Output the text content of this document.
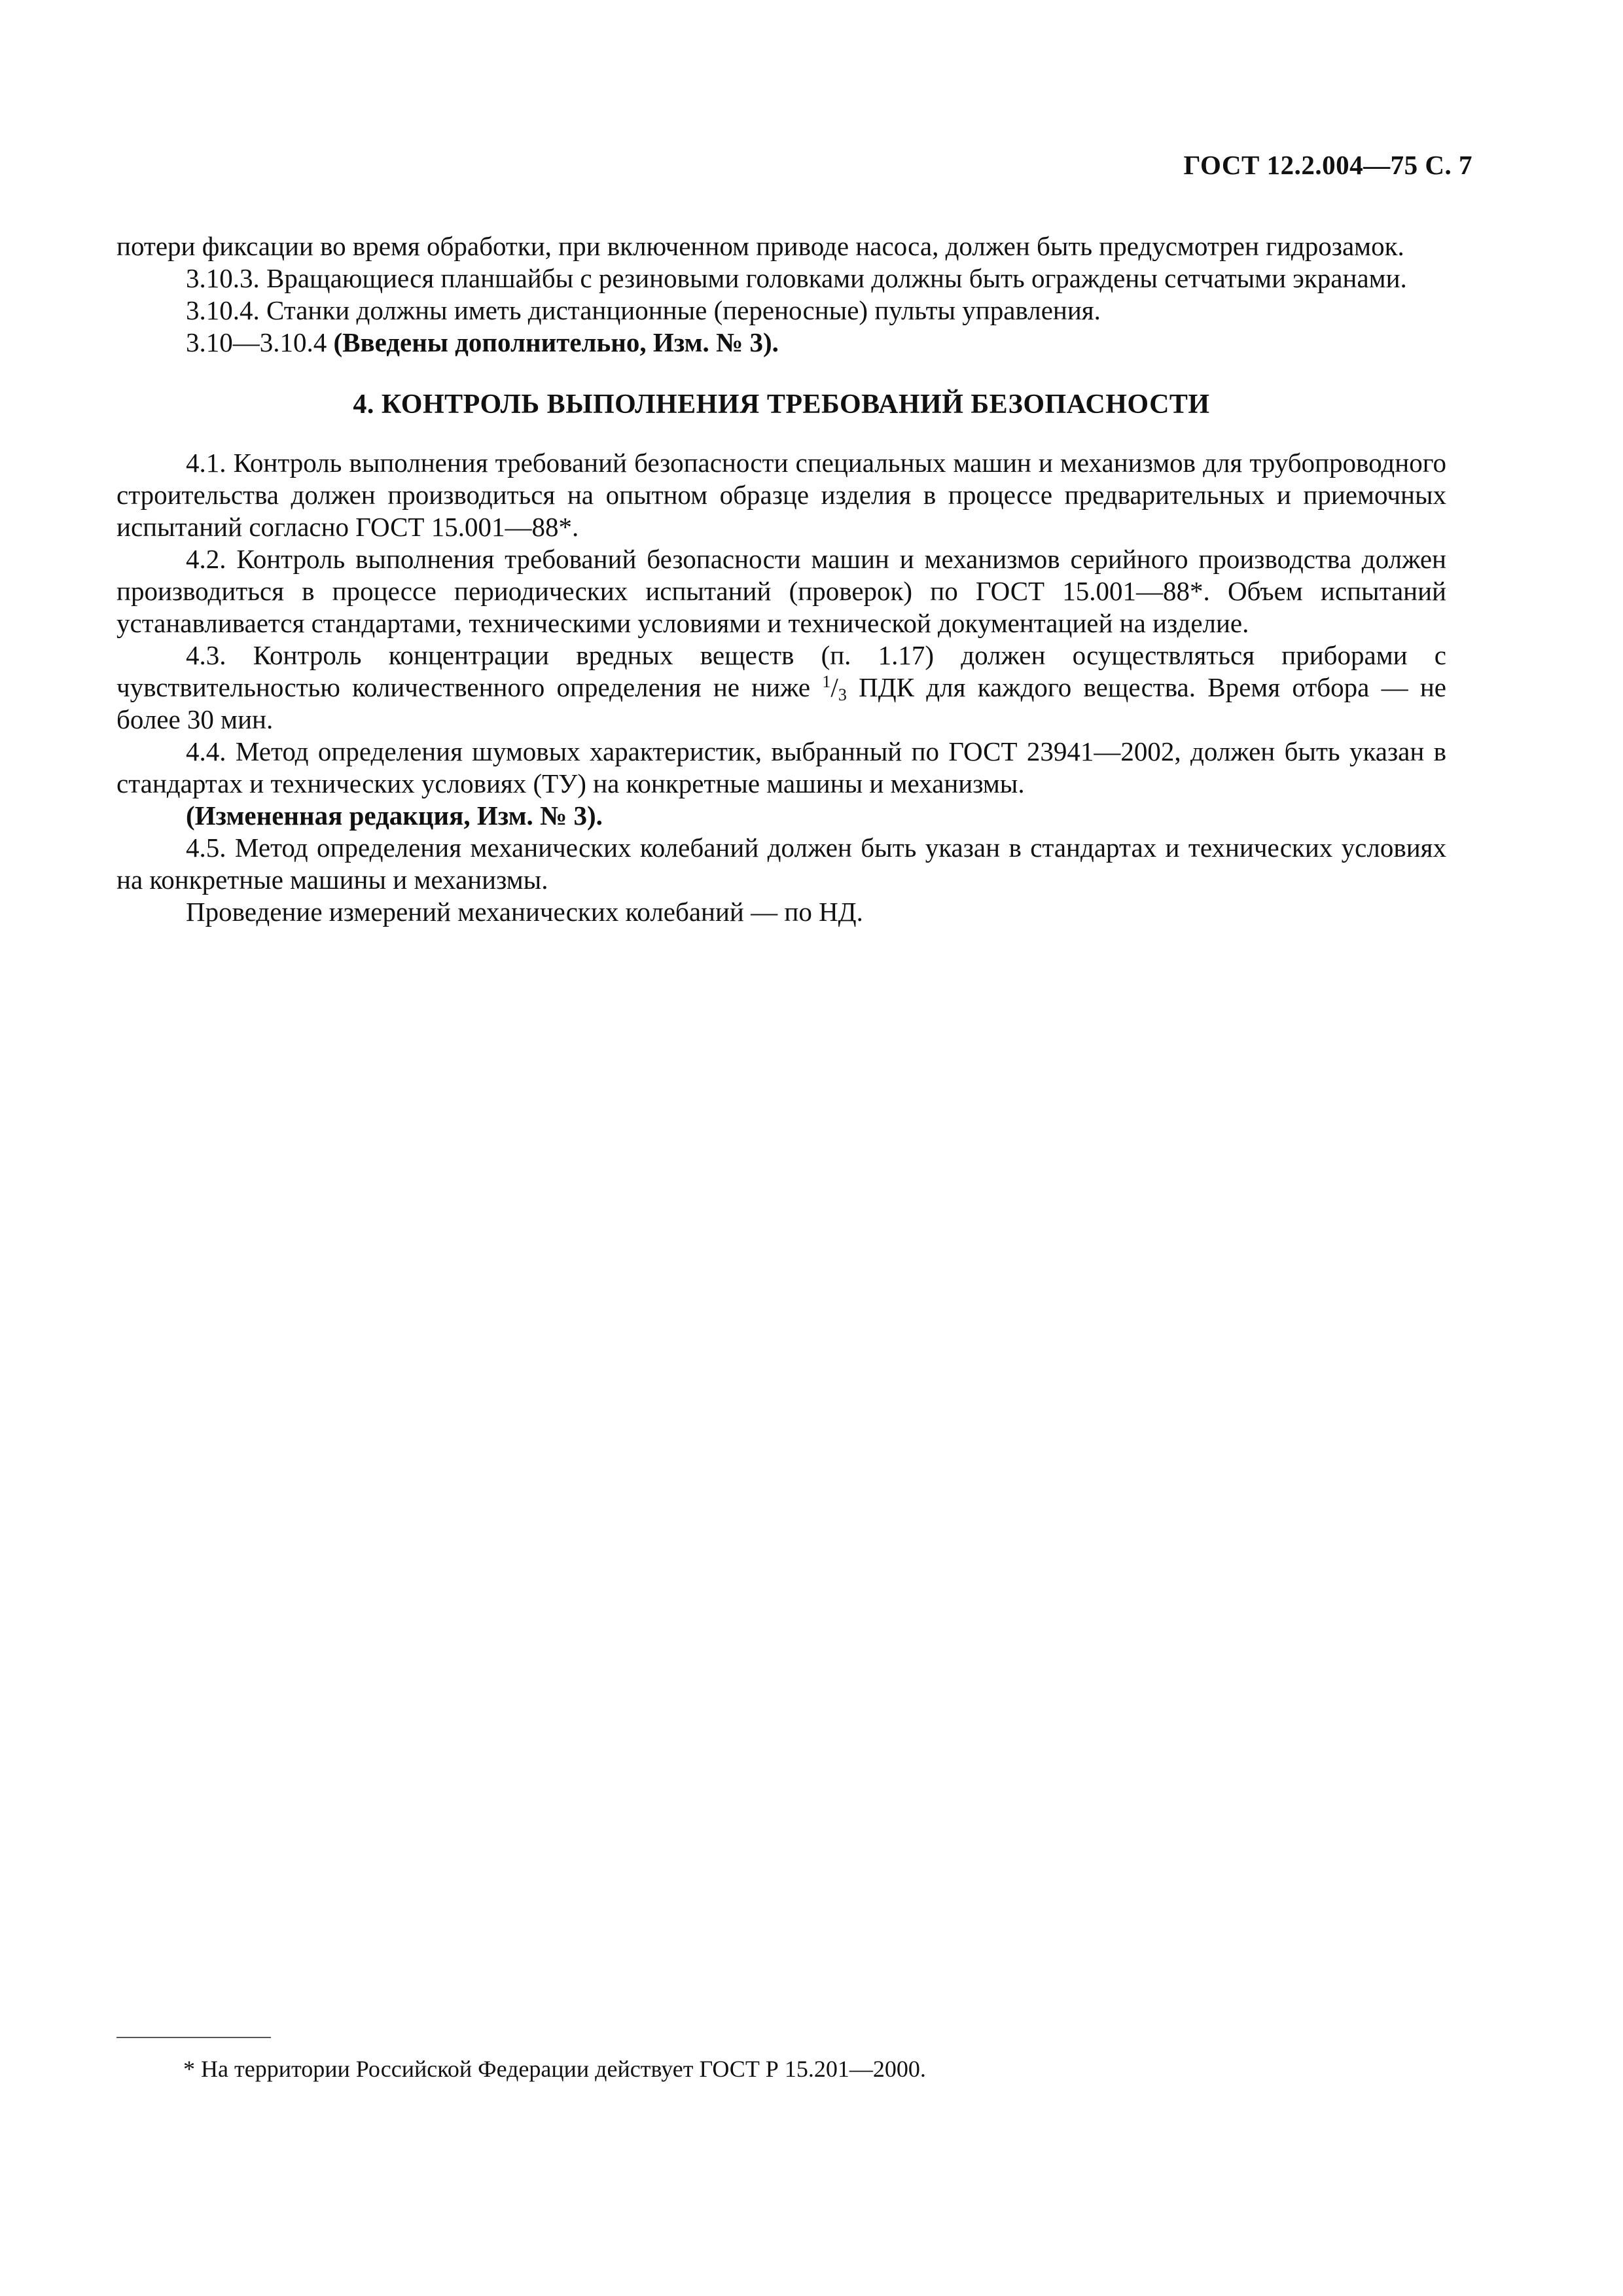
ГОСТ 12.2.004—75 С. 7

потери фиксации во время обработки, при включенном приводе насоса, должен быть предусмотрен гидрозамок.

3.10.3. Вращающиеся планшайбы с резиновыми головками должны быть ограждены сетчатыми экранами.

3.10.4. Станки должны иметь дистанционные (переносные) пульты управления.

3.10—3.10.4 (Введены дополнительно, Изм. № 3).

4. КОНТРОЛЬ ВЫПОЛНЕНИЯ ТРЕБОВАНИЙ БЕЗОПАСНОСТИ

4.1. Контроль выполнения требований безопасности специальных машин и механизмов для трубопроводного строительства должен производиться на опытном образце изделия в процессе предварительных и приемочных испытаний согласно ГОСТ 15.001—88*.

4.2. Контроль выполнения требований безопасности машин и механизмов серийного производства должен производиться в процессе периодических испытаний (проверок) по ГОСТ 15.001—88*. Объем испытаний устанавливается стандартами, техническими условиями и технической документацией на изделие.

4.3. Контроль концентрации вредных веществ (п. 1.17) должен осуществляться приборами с чувствительностью количественного определения не ниже $^1/_3$ ПДК для каждого вещества. Время отбора — не более 30 мин.

4.4. Метод определения шумовых характеристик, выбранный по ГОСТ 23941—2002, должен быть указан в стандартах и технических условиях (ТУ) на конкретные машины и механизмы.

(Измененная редакция, Изм. № 3).

4.5. Метод определения механических колебаний должен быть указан в стандартах и технических условиях на конкретные машины и механизмы.

Проведение измерений механических колебаний — по НД.

* На территории Российской Федерации действует ГОСТ Р 15.201—2000.
